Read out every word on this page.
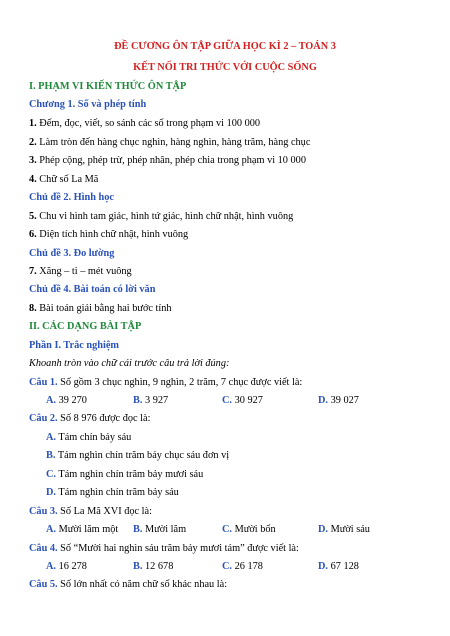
ĐỀ CƯƠNG ÔN TẬP GIỮA HỌC KÌ 2 – TOÁN 3
KẾT NỐI TRI THỨC VỚI CUỘC SỐNG
I. PHẠM VI KIẾN THỨC ÔN TẬP
Chương 1. Số và phép tính
1. Đếm, đọc, viết, so sánh các số trong phạm vi 100 000
2. Làm tròn đến hàng chục nghìn, hàng nghìn, hàng trăm, hàng chục
3. Phép cộng, phép trừ, phép nhân, phép chia trong phạm vi 10 000
4. Chữ số La Mã
Chủ đề 2. Hình học
5. Chu vi hình tam giác, hình tứ giác, hình chữ nhật, hình vuông
6. Diện tích hình chữ nhật, hình vuông
Chủ đề 3. Đo lường
7. Xăng – ti – mét vuông
Chủ đề 4. Bài toán có lời văn
8. Bài toán giải bằng hai bước tính
II. CÁC DẠNG BÀI TẬP
Phần I. Trắc nghiệm
Khoanh tròn vào chữ cái trước câu trả lời đúng:
Câu 1. Số gồm 3 chục nghìn, 9 nghìn, 2 trăm, 7 chục được viết là:
A. 39 270	B. 3 927	C. 30 927	D. 39 027
Câu 2. Số 8 976 được đọc là:
A. Tám chín bảy sáu
B. Tám nghìn chín trăm bảy chục sáu đơn vị
C. Tám nghìn chín trăm bảy mươi sáu
D. Tám nghìn chín trăm bảy sáu
Câu 3. Số La Mã XVI đọc là:
A. Mười lăm một B. Mười lăm	C. Mười bốn	D. Mười sáu
Câu 4. Số “Mười hai nghìn sáu trăm bảy mươi tám” được viết là:
A. 16 278	B. 12 678	C. 26 178	D. 67 128
Câu 5. Số lớn nhất có năm chữ số khác nhau là:
